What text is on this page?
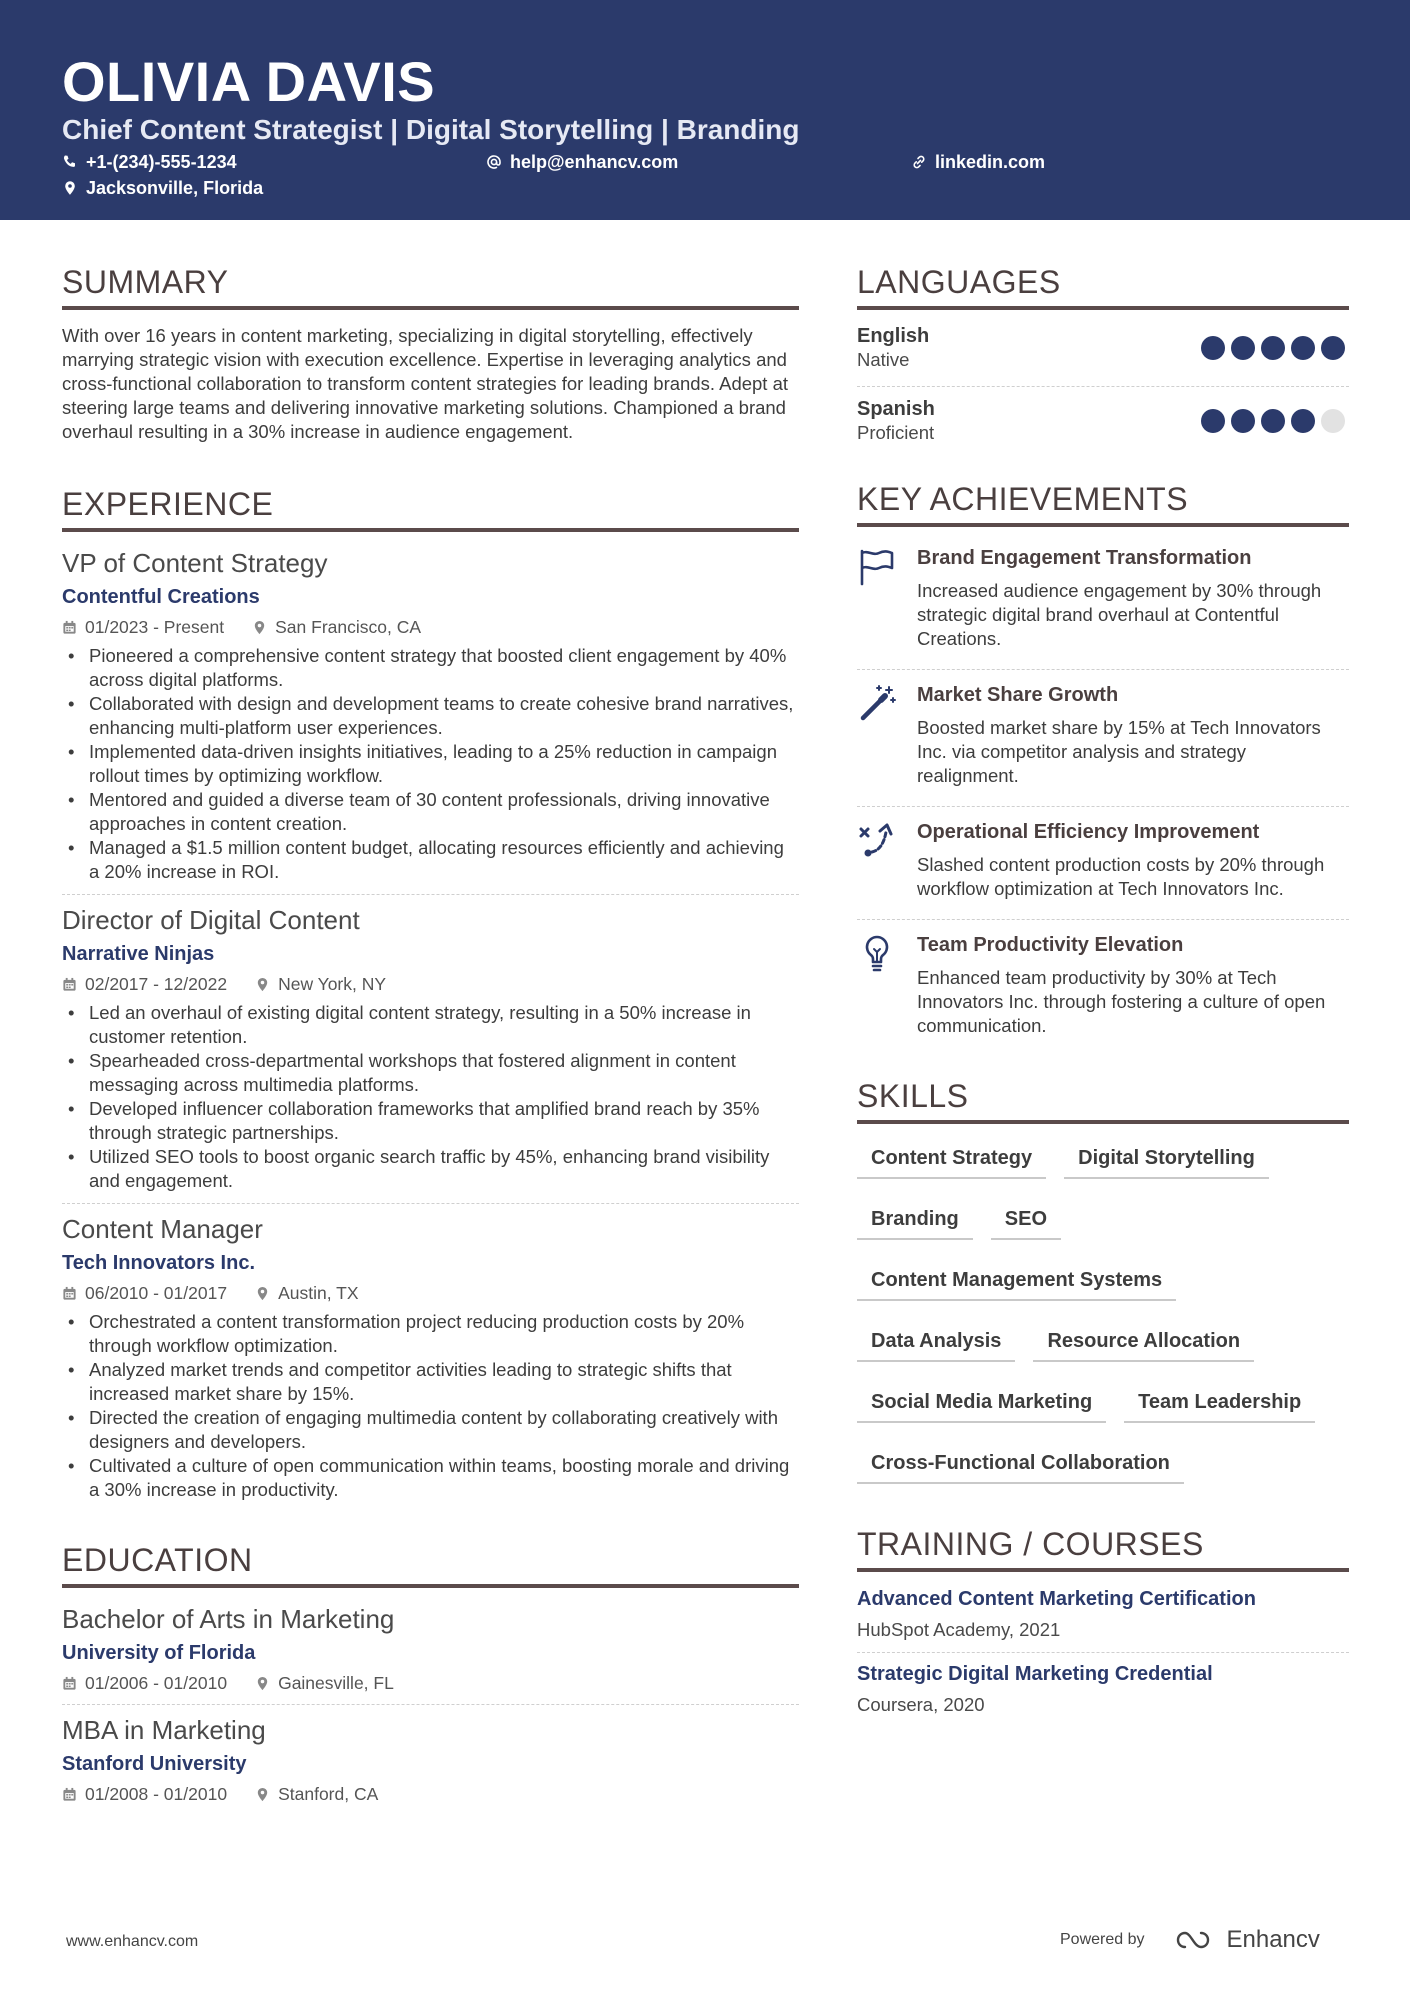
OLIVIA DAVIS
Chief Content Strategist | Digital Storytelling | Branding
+1-(234)-555-1234	help@enhancv.com	linkedin.com
Jacksonville, Florida
SUMMARY
With over 16 years in content marketing, specializing in digital storytelling, effectively marrying strategic vision with execution excellence. Expertise in leveraging analytics and cross-functional collaboration to transform content strategies for leading brands. Adept at steering large teams and delivering innovative marketing solutions. Championed a brand overhaul resulting in a 30% increase in audience engagement.
EXPERIENCE
VP of Content Strategy
Contentful Creations
01/2023 - Present	San Francisco, CA
• Pioneered a comprehensive content strategy that boosted client engagement by 40% across digital platforms.
• Collaborated with design and development teams to create cohesive brand narratives, enhancing multi-platform user experiences.
• Implemented data-driven insights initiatives, leading to a 25% reduction in campaign rollout times by optimizing workflow.
• Mentored and guided a diverse team of 30 content professionals, driving innovative approaches in content creation.
• Managed a $1.5 million content budget, allocating resources efficiently and achieving a 20% increase in ROI.
Director of Digital Content
Narrative Ninjas
02/2017 - 12/2022	New York, NY
• Led an overhaul of existing digital content strategy, resulting in a 50% increase in customer retention.
• Spearheaded cross-departmental workshops that fostered alignment in content messaging across multimedia platforms.
• Developed influencer collaboration frameworks that amplified brand reach by 35% through strategic partnerships.
• Utilized SEO tools to boost organic search traffic by 45%, enhancing brand visibility and engagement.
Content Manager
Tech Innovators Inc.
06/2010 - 01/2017	Austin, TX
• Orchestrated a content transformation project reducing production costs by 20% through workflow optimization.
• Analyzed market trends and competitor activities leading to strategic shifts that increased market share by 15%.
• Directed the creation of engaging multimedia content by collaborating creatively with designers and developers.
• Cultivated a culture of open communication within teams, boosting morale and driving a 30% increase in productivity.
EDUCATION
Bachelor of Arts in Marketing
University of Florida
01/2006 - 01/2010	Gainesville, FL
MBA in Marketing
Stanford University
01/2008 - 01/2010	Stanford, CA
LANGUAGES
English
Native
Spanish
Proficient
KEY ACHIEVEMENTS
Brand Engagement Transformation
Increased audience engagement by 30% through strategic digital brand overhaul at Contentful Creations.
Market Share Growth
Boosted market share by 15% at Tech Innovators Inc. via competitor analysis and strategy realignment.
Operational Efficiency Improvement
Slashed content production costs by 20% through workflow optimization at Tech Innovators Inc.
Team Productivity Elevation
Enhanced team productivity by 30% at Tech Innovators Inc. through fostering a culture of open communication.
SKILLS
Content Strategy	Digital Storytelling
Branding	SEO
Content Management Systems
Data Analysis	Resource Allocation
Social Media Marketing	Team Leadership
Cross-Functional Collaboration
TRAINING / COURSES
Advanced Content Marketing Certification
HubSpot Academy, 2021
Strategic Digital Marketing Credential
Coursera, 2020
www.enhancv.com	Powered by	Enhancv
